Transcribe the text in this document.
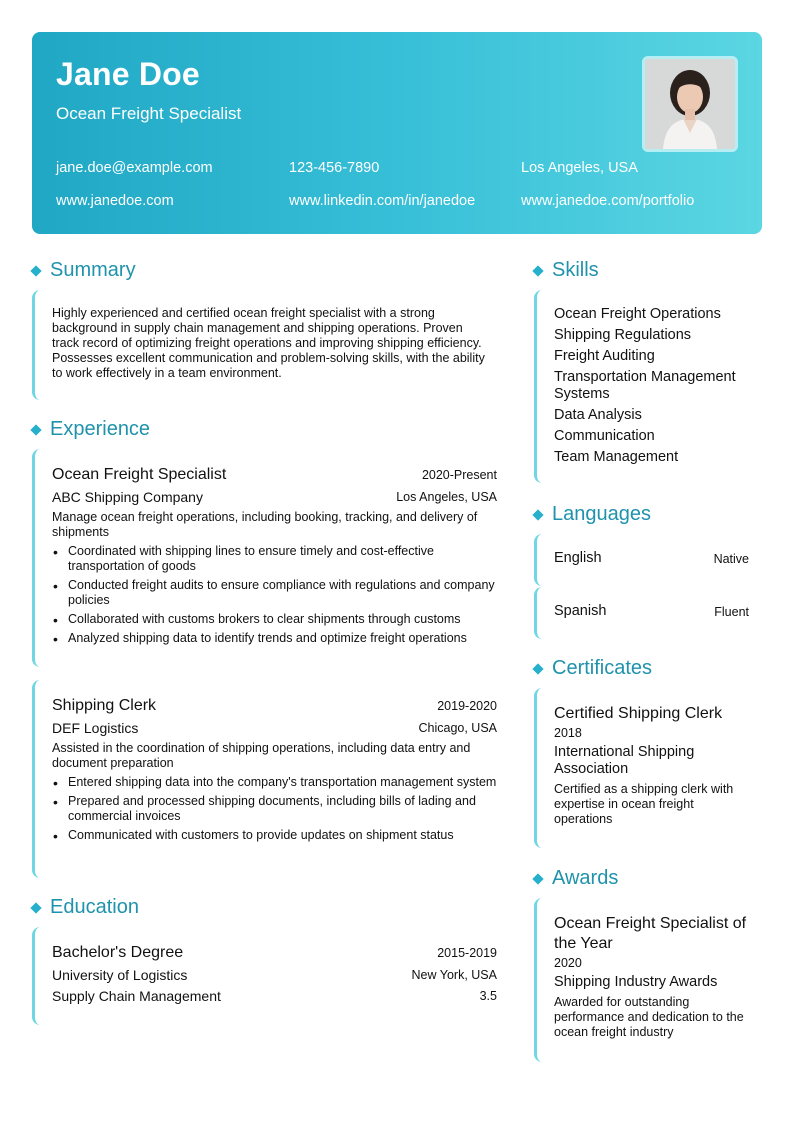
Jane Doe
Ocean Freight Specialist
jane.doe@example.com	123-456-7890	Los Angeles, USA
www.janedoe.com	www.linkedin.com/in/janedoe	www.janedoe.com/portfolio
Summary
Highly experienced and certified ocean freight specialist with a strong background in supply chain management and shipping operations. Proven track record of optimizing freight operations and improving shipping efficiency. Possesses excellent communication and problem-solving skills, with the ability to work effectively in a team environment.
Experience
Ocean Freight Specialist	2020-Present
ABC Shipping Company	Los Angeles, USA
Manage ocean freight operations, including booking, tracking, and delivery of shipments
• Coordinated with shipping lines to ensure timely and cost-effective transportation of goods
• Conducted freight audits to ensure compliance with regulations and company policies
• Collaborated with customs brokers to clear shipments through customs
• Analyzed shipping data to identify trends and optimize freight operations
Shipping Clerk	2019-2020
DEF Logistics	Chicago, USA
Assisted in the coordination of shipping operations, including data entry and document preparation
• Entered shipping data into the company's transportation management system
• Prepared and processed shipping documents, including bills of lading and commercial invoices
• Communicated with customers to provide updates on shipment status
Education
Bachelor's Degree	2015-2019
University of Logistics	New York, USA
Supply Chain Management	3.5
Skills
Ocean Freight Operations
Shipping Regulations
Freight Auditing
Transportation Management Systems
Data Analysis
Communication
Team Management
Languages
English	Native
Spanish	Fluent
Certificates
Certified Shipping Clerk
2018
International Shipping Association
Certified as a shipping clerk with expertise in ocean freight operations
Awards
Ocean Freight Specialist of the Year
2020
Shipping Industry Awards
Awarded for outstanding performance and dedication to the ocean freight industry
